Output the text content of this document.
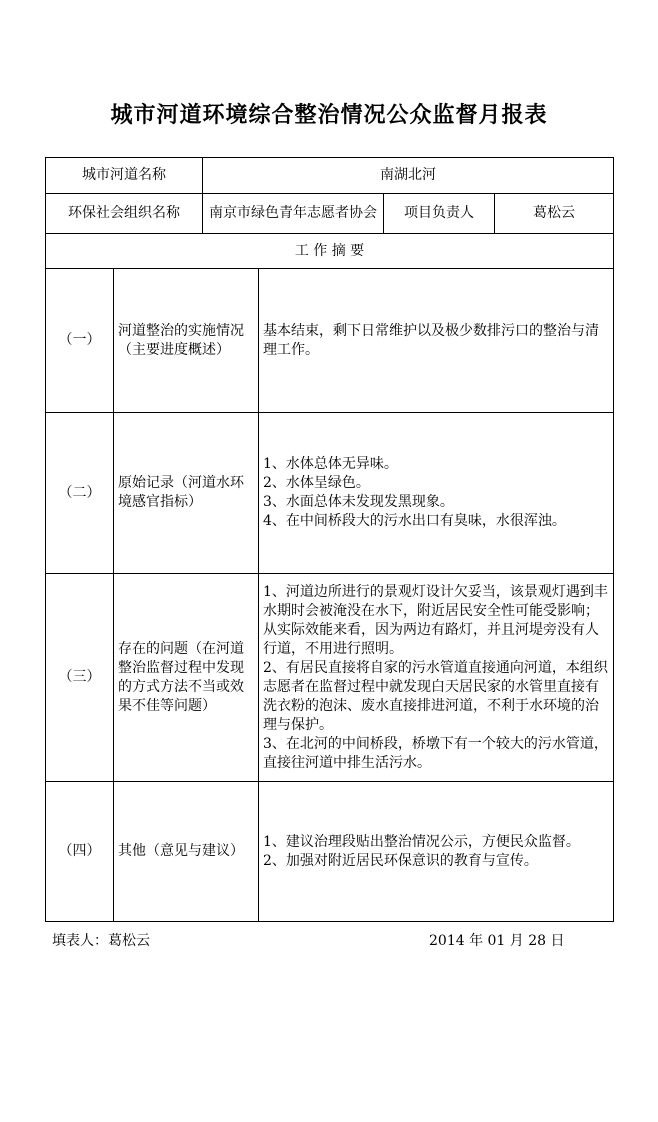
城市河道环境综合整治情况公众监督月报表
城市河道名称		南湖北河			
环保社会组织名称		南京市绿色青年志愿者协会		项目负责人	葛松云
工 作 摘 要					
（一）	河道整治的实施情况（主要进度概述）		基本结束，剩下日常维护以及极少数排污口的整治与清理工作。		

（二）	原始记录（河道水环境感官指标）		1、水体总体无异味。

2、水体呈绿色。

3、水面总体未发现发黑现象。

4、在中间桥段大的污水出口有臭味，水很浑浊。		

（三）	存在的问题（在河道整治监督过程中发现的方式方法不当或效果不佳等问题）		1、河道边所进行的景观灯设计欠妥当，该景观灯遇到丰水期时会被淹没在水下，附近居民安全性可能受影响；从实际效能来看，因为两边有路灯，并且河堤旁没有人行道，不用进行照明。

2、有居民直接将自家的污水管道直接通向河道，本组织志愿者在监督过程中就发现白天居民家的水管里直接有洗衣粉的泡沫、废水直接排进河道，不利于水环境的治理与保护。

3、在北河的中间桥段，桥墩下有一个较大的污水管道，直接往河道中排生活污水。		

（四）	其他（意见与建议）		1、建议治理段贴出整治情况公示，方便民众监督。

2、加强对附近居民环保意识的教育与宣传。		

填表人：葛松云	2014 年 01 月 28 日
